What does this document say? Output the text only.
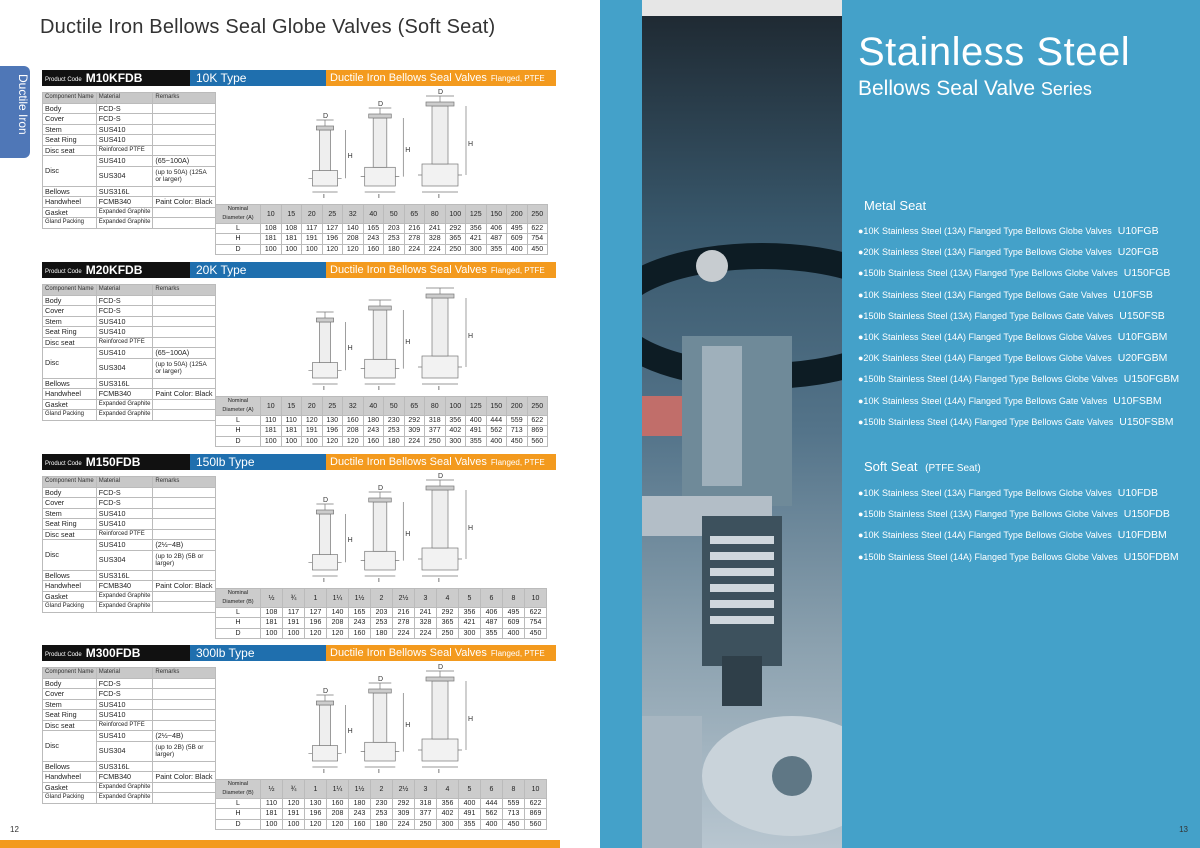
Ductile Iron Bellows Seal Globe Valves (Soft Seat)
Ductile Iron	Product Code M10KFDB	10K Type	Ductile Iron Bellows Seal Valves Flanged, PTFE Seat
Component Name	Material	Remarks
Body	FCD-S	
Cover	FCD-S	
Stem	SUS410	
Seat Ring	SUS410	
Disc seat	Reinforced PTFE	
Disc	SUS410	(65~100A)
	SUS304	(up to 50A) (125A or larger)
Bellows	SUS316L	
Handwheel	FCMB340	Paint Color: Black
Gasket	Expanded Graphite	
Gland Packing	Expanded Graphite	
D
H
L
D
H
L
D
H
L
Nominal Diameter (A)	10	15	20	25	32	40	50	65	80	100	125	150	200	250
L	108	108	117	127	140	165	203	216	241	292	356	406	495	622
H	181	181	191	196	208	243	253	278	328	365	421	487	609	754
D	100	100	100	120	120	160	180	224	224	250	300	355	400	450
Product Code M20KFDB	20K Type	Ductile Iron Bellows Seal Valves Flanged, PTFE Seat
Component Name	Material	Remarks
Body	FCD-S	
Cover	FCD-S	
Stem	SUS410	
Seat Ring	SUS410	
Disc seat	Reinforced PTFE	
Disc	SUS410	(65~100A)
	SUS304	(up to 50A) (125A or larger)
Bellows	SUS316L	
Handwheel	FCMB340	Paint Color: Black
Gasket	Expanded Graphite	
Gland Packing	Expanded Graphite	
H
L
H
L
H
L
Nominal Diameter (A)	10	15	20	25	32	40	50	65	80	100	125	150	200	250
L	110	110	120	130	160	180	230	292	318	356	400	444	559	622
H	181	181	191	196	208	243	253	309	377	402	491	562	713	869
D	100	100	100	120	120	160	180	224	250	300	355	400	450	560
Product Code M150FDB	150lb Type	Ductile Iron Bellows Seal Valves Flanged, PTFE Seat
Component Name	Material	Remarks
Body	FCD-S	
Cover	FCD-S	
Stem	SUS410	
Seat Ring	SUS410	
Disc seat	Reinforced PTFE	
Disc	SUS410	(2½~4B)
	SUS304	(up to 2B) (5B or larger)
Bellows	SUS316L	
Handwheel	FCMB340	Paint Color: Black
Gasket	Expanded Graphite	
Gland Packing	Expanded Graphite	
D
H
L
D
H
L
D
H
L
Nominal Diameter (B)	½	¾	1	1¼	1½	2	2½	3	4	5	6	8	10
L	108	117	127	140	165	203	216	241	292	356	406	495	622
H	181	191	196	208	243	253	278	328	365	421	487	609	754
D	100	100	120	120	160	180	224	224	250	300	355	400	450
Product Code M300FDB	300lb Type	Ductile Iron Bellows Seal Valves Flanged, PTFE Seat
Component Name	Material	Remarks
Body	FCD-S	
Cover	FCD-S	
Stem	SUS410	
Seat Ring	SUS410	
Disc seat	Reinforced PTFE	
Disc	SUS410	(2½~4B)
	SUS304	(up to 2B) (5B or larger)
Bellows	SUS316L	
Handwheel	FCMB340	Paint Color: Black
Gasket	Expanded Graphite	
Gland Packing	Expanded Graphite	
D
H
L
D
H
L
D
H
L
Nominal Diameter (B)	½	¾	1	1¼	1½	2	2½	3	4	5	6	8	10
L	110	120	130	160	180	230	292	318	356	400	444	559	622
H	181	191	196	208	243	253	309	377	402	491	562	713	869
D	100	100	120	120	160	180	224	250	300	355	400	450	560
12
Stainless Steel
Bellows Seal Valve Series
Metal Seat
●10K Stainless Steel (13A) Flanged Type Bellows Globe Valves U10FGB
●20K Stainless Steel (13A) Flanged Type Bellows Globe Valves U20FGB
●150lb Stainless Steel (13A) Flanged Type Bellows Globe Valves U150FGB
●10K Stainless Steel (13A) Flanged Type Bellows Gate Valves U10FSB
●150lb Stainless Steel (13A) Flanged Type Bellows Gate Valves U150FSB
●10K Stainless Steel (14A) Flanged Type Bellows Globe Valves U10FGBM
●20K Stainless Steel (14A) Flanged Type Bellows Globe Valves U20FGBM
●150lb Stainless Steel (14A) Flanged Type Bellows Globe Valves U150FGBM
●10K Stainless Steel (14A) Flanged Type Bellows Gate Valves U10FSBM
●150lb Stainless Steel (14A) Flanged Type Bellows Gate Valves U150FSBM
Soft Seat (PTFE Seat)
●10K Stainless Steel (13A) Flanged Type Bellows Globe Valves U10FDB
●150lb Stainless Steel (13A) Flanged Type Bellows Globe Valves U150FDB
●10K Stainless Steel (14A) Flanged Type Bellows Globe Valves U10FDBM
●150lb Stainless Steel (14A) Flanged Type Bellows Globe Valves U150FDBM
13
